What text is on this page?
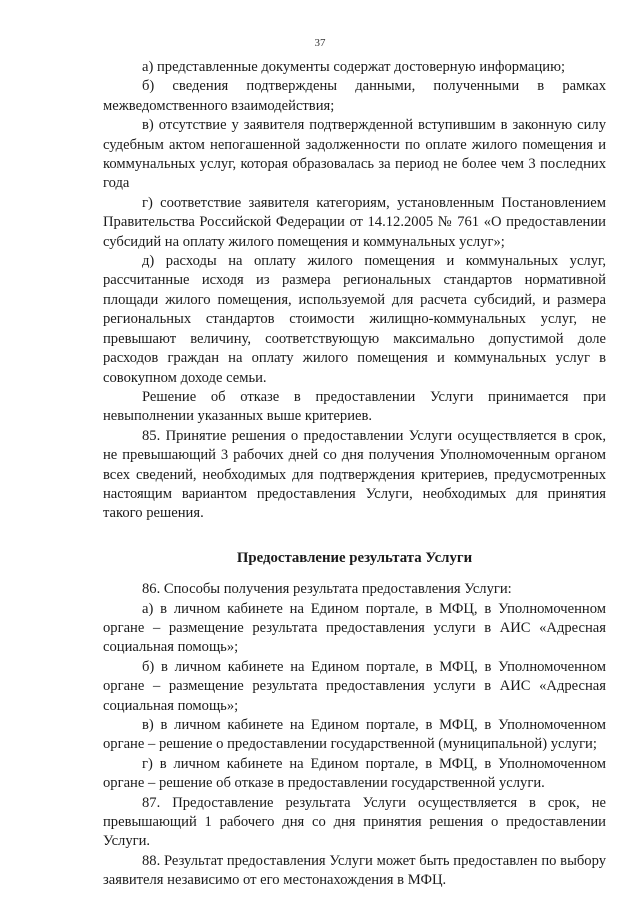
37

а) представленные документы содержат достоверную информацию;

б) сведения подтверждены данными, полученными в рамках межведомственного взаимодействия;

в) отсутствие у заявителя подтвержденной вступившим в законную силу судебным актом непогашенной задолженности по оплате жилого помещения и коммунальных услуг, которая образовалась за период не более чем 3 последних года

г) соответствие заявителя категориям, установленным Постановлением Правительства Российской Федерации от 14.12.2005 № 761 «О предоставлении субсидий на оплату жилого помещения и коммунальных услуг»;

д) расходы на оплату жилого помещения и коммунальных услуг, рассчитанные исходя из размера региональных стандартов нормативной площади жилого помещения, используемой для расчета субсидий, и размера региональных стандартов стоимости жилищно-коммунальных услуг, не превышают величину, соответствующую максимально допустимой доле расходов граждан на оплату жилого помещения и коммунальных услуг в совокупном доходе семьи.

Решение об отказе в предоставлении Услуги принимается при невыполнении указанных выше критериев.

85. Принятие решения о предоставлении Услуги осуществляется в срок, не превышающий 3 рабочих дней со дня получения Уполномоченным органом всех сведений, необходимых для подтверждения критериев, предусмотренных настоящим вариантом предоставления Услуги, необходимых для принятия такого решения.

Предоставление результата Услуги

86. Способы получения результата предоставления Услуги:

а) в личном кабинете на Едином портале, в МФЦ, в Уполномоченном органе – размещение результата предоставления услуги в АИС «Адресная социальная помощь»;

б) в личном кабинете на Едином портале, в МФЦ, в Уполномоченном органе – размещение результата предоставления услуги в АИС «Адресная социальная помощь»;

в) в личном кабинете на Едином портале, в МФЦ, в Уполномоченном органе – решение о предоставлении государственной (муниципальной) услуги;

г) в личном кабинете на Едином портале, в МФЦ, в Уполномоченном органе – решение об отказе в предоставлении государственной услуги.

87. Предоставление результата Услуги осуществляется в срок, не превышающий 1 рабочего дня со дня принятия решения о предоставлении Услуги.

88. Результат предоставления Услуги может быть предоставлен по выбору заявителя независимо от его местонахождения в МФЦ.
